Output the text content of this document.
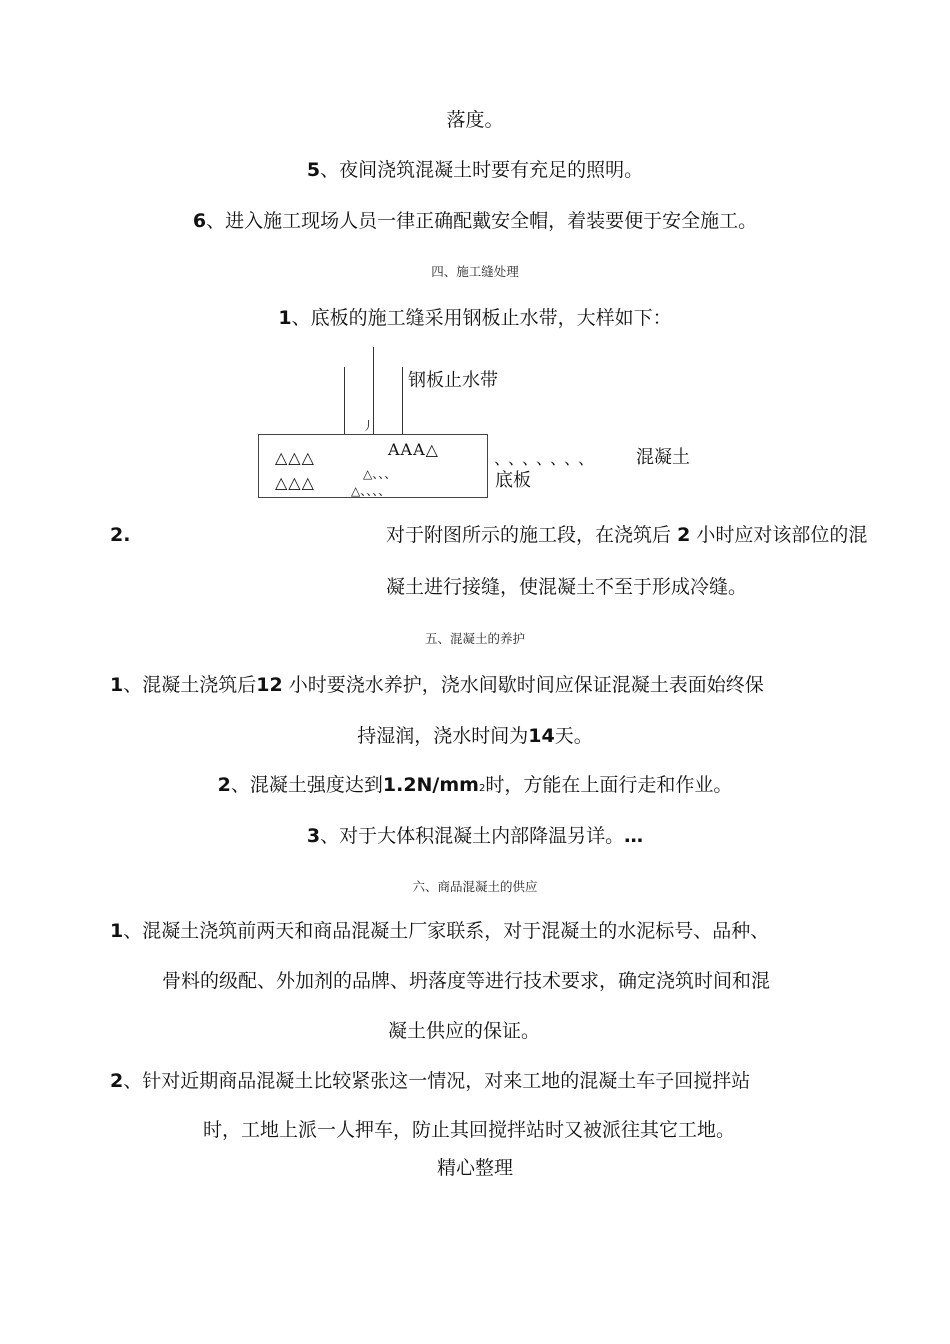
落度。
5、夜间浇筑混凝土时要有充足的照明。
6、进入施工现场人员一律正确配戴安全帽，着装要便于安全施工。
四、施工缝处理
1、底板的施工缝采用钢板止水带，大样如下：
丿
钢板止水带
△△△
△△△
AAA△
△、、、
△、、、、
、、、、、、、 混凝土
底板
2.	对于附图所示的施工段，在浇筑后 2 小时应对该部位的混
凝土进行接缝，使混凝土不至于形成冷缝。
五、混凝土的养护
1、混凝土浇筑后12 小时要浇水养护，浇水间歇时间应保证混凝土表面始终保
持湿润，浇水时间为14天。
2、混凝土强度达到1.2N/mm2时，方能在上面行走和作业。
3、对于大体积混凝土内部降温另详。…
六、商品混凝土的供应
1、混凝土浇筑前两天和商品混凝土厂家联系，对于混凝土的水泥标号、品种、
骨料的级配、外加剂的品牌、坍落度等进行技术要求，确定浇筑时间和混
凝土供应的保证。
2、针对近期商品混凝土比较紧张这一情况，对来工地的混凝土车子回搅拌站
时，工地上派一人押车，防止其回搅拌站时又被派往其它工地。
精心整理
